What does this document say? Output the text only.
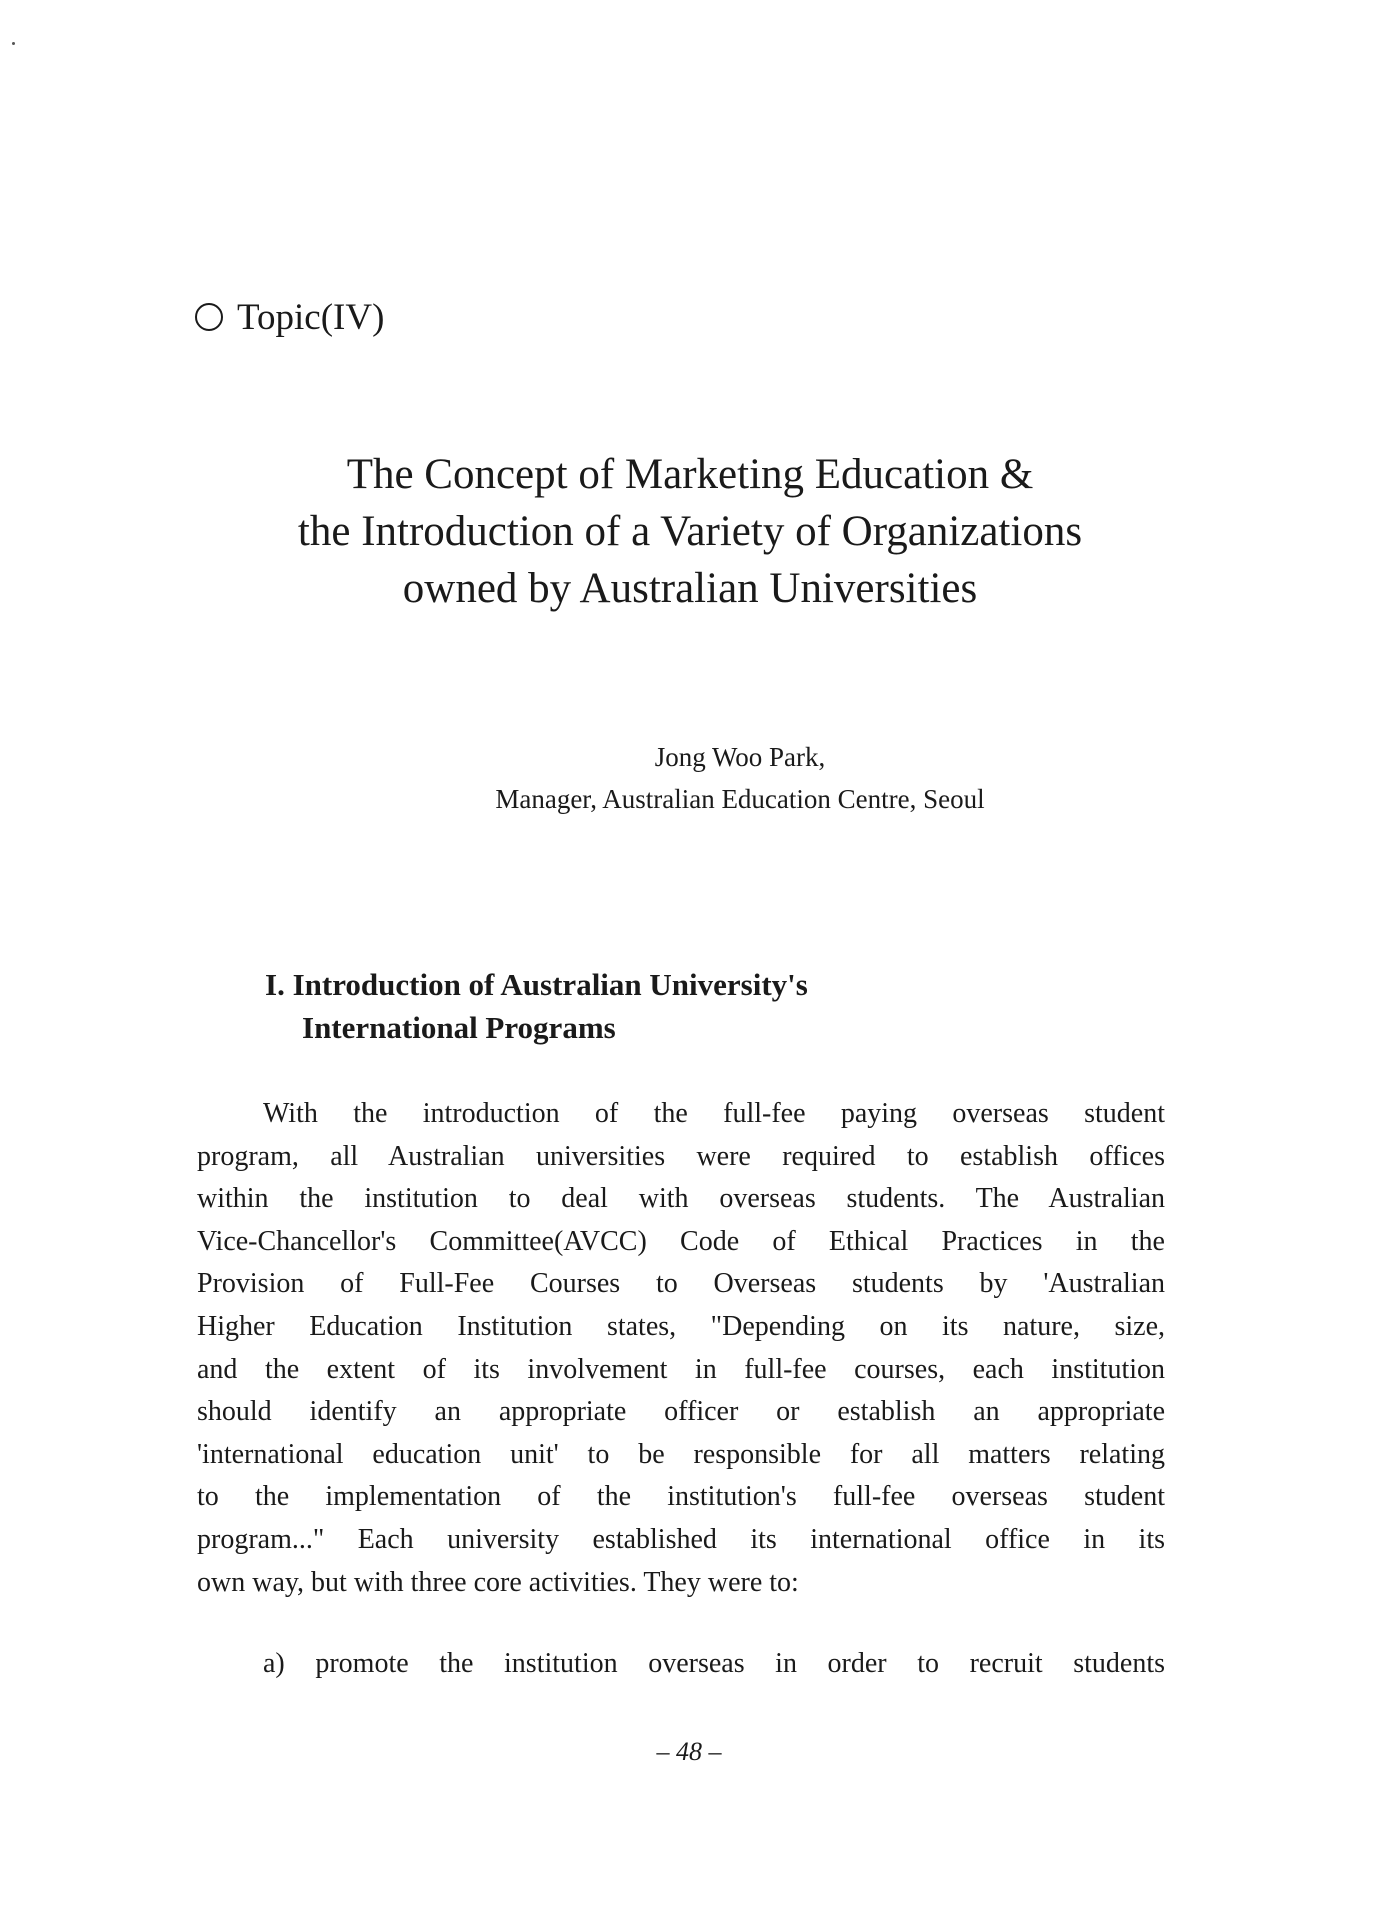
Topic(IV)
The Concept of Marketing Education &
the Introduction of a Variety of Organizations
owned by Australian Universities
Jong Woo Park,
Manager, Australian Education Centre, Seoul
I. Introduction of Australian University's
International Programs
With the introduction of the full-fee paying overseas student
program, all Australian universities were required to establish offices
within the institution to deal with overseas students. The Australian
Vice-Chancellor's Committee(AVCC) Code of Ethical Practices in the
Provision of Full-Fee Courses to Overseas students by 'Australian
Higher Education Institution states, "Depending on its nature, size,
and the extent of its involvement in full-fee courses, each institution
should identify an appropriate officer or establish an appropriate
'international education unit' to be responsible for all matters relating
to the implementation of the institution's full-fee overseas student
program..." Each university established its international office in its
own way, but with three core activities. They were to:
a) promote the institution overseas in order to recruit students
– 48 –
